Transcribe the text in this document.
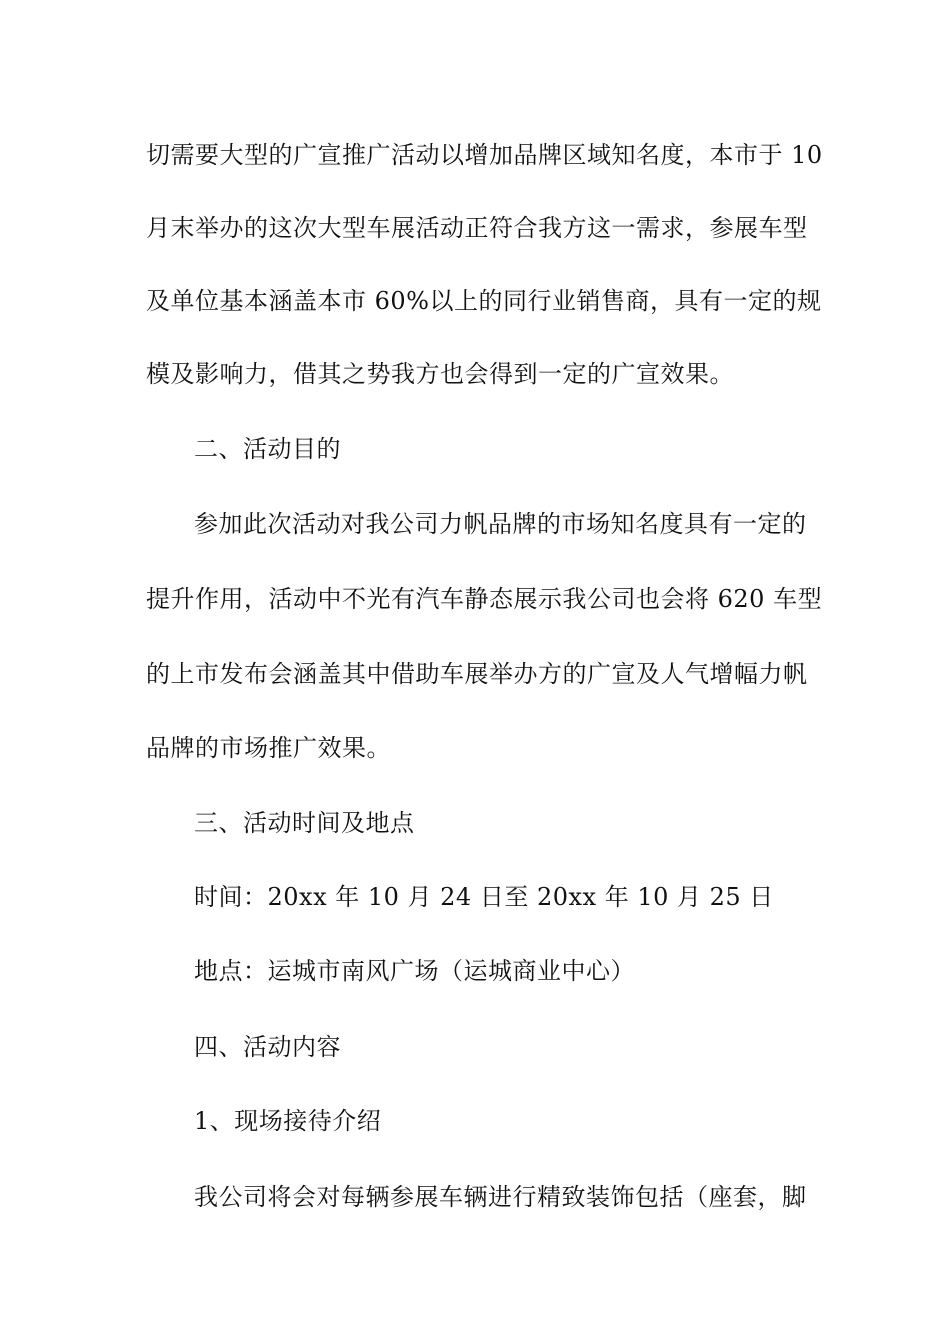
切需要大型的广宣推广活动以增加品牌区域知名度，本市于 10
月末举办的这次大型车展活动正符合我方这一需求，参展车型
及单位基本涵盖本市 60%以上的同行业销售商，具有一定的规
模及影响力，借其之势我方也会得到一定的广宣效果。
二、活动目的
参加此次活动对我公司力帆品牌的市场知名度具有一定的
提升作用，活动中不光有汽车静态展示我公司也会将 620 车型
的上市发布会涵盖其中借助车展举办方的广宣及人气增幅力帆
品牌的市场推广效果。
三、活动时间及地点
时间：20xx 年 10 月 24 日至 20xx 年 10 月 25 日
地点：运城市南风广场（运城商业中心）
四、活动内容
1、现场接待介绍
我公司将会对每辆参展车辆进行精致装饰包括（座套，脚
